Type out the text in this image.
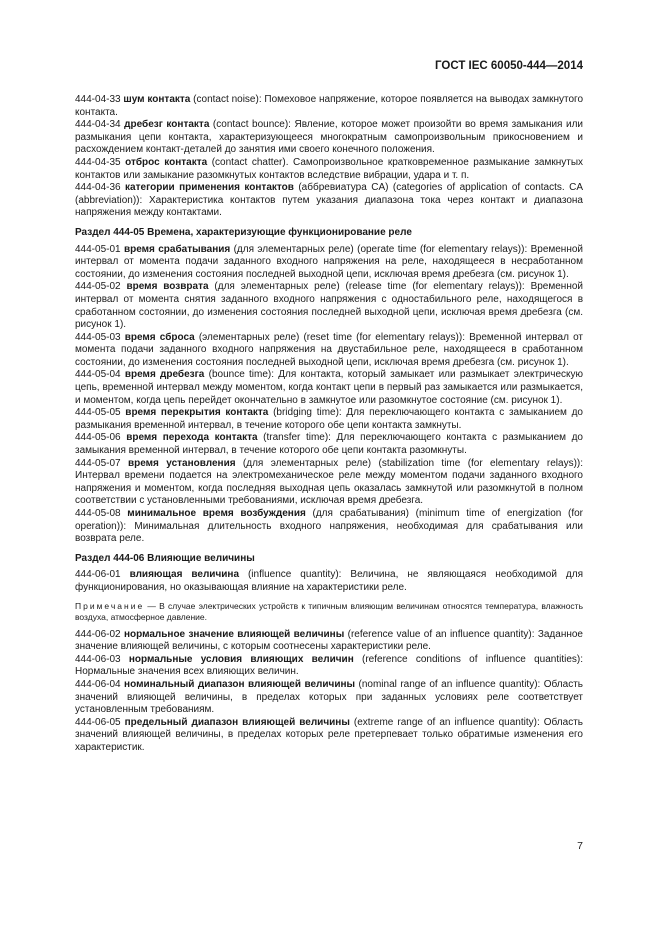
ГОСТ IEC 60050-444—2014

444-04-33 шум контакта (contact noise): Помеховое напряжение, которое появляется на выводах замкнутого контакта.

444-04-34 дребезг контакта (contact bounce): Явление, которое может произойти во время замыкания или размыкания цепи контакта, характеризующееся многократным самопроизвольным прикосновением и расхождением контакт-деталей до занятия ими своего конечного положения.

444-04-35 отброс контакта (contact chatter). Самопроизвольное кратковременное размыкание замкнутых контактов или замыкание разомкнутых контактов вследствие вибрации, удара и т. п.

444-04-36 категории применения контактов (аббревиатура CA) (categories of application of contacts. CA (abbreviation)): Характеристика контактов путем указания диапазона тока через контакт и диапазона напряжения между контактами.

Раздел 444-05 Времена, характеризующие функционирование реле

444-05-01 время срабатывания (для элементарных реле) (operate time (for elementary relays)): Временной интервал от момента подачи заданного входного напряжения на реле, находящееся в несработанном состоянии, до изменения состояния последней выходной цепи, исключая время дребезга (см. рисунок 1).

444-05-02 время возврата (для элементарных реле) (release time (for elementary relays)): Временной интервал от момента снятия заданного входного напряжения с одностабильного реле, находящегося в сработанном состоянии, до изменения состояния последней выходной цепи, исключая время дребезга (см. рисунок 1).

444-05-03 время сброса (элементарных реле) (reset time (for elementary relays)): Временной интервал от момента подачи заданного входного напряжения на двустабильное реле, находящееся в сработанном состоянии, до изменения состояния последней выходной цепи, исключая время дребезга (см. рисунок 1).

444-05-04 время дребезга (bounce time): Для контакта, который замыкает или размыкает электрическую цепь, временной интервал между моментом, когда контакт цепи в первый раз замыкается или размыкается, и моментом, когда цепь перейдет окончательно в замкнутое или разомкнутое состояние (см. рисунок 1).

444-05-05 время перекрытия контакта (bridging time): Для переключающего контакта с замыканием до размыкания временной интервал, в течение которого обе цепи контакта замкнуты.

444-05-06 время перехода контакта (transfer time): Для переключающего контакта с размыканием до замыкания временной интервал, в течение которого обе цепи контакта разомкнуты.

444-05-07 время установления (для элементарных реле) (stabilization time (for elementary relays)): Интервал времени подается на электромеханическое реле между моментом подачи заданного входного напряжения и моментом, когда последняя выходная цепь оказалась замкнутой или разомкнутой в полном соответствии с установленными требованиями, исключая время дребезга.

444-05-08 минимальное время возбуждения (для срабатывания) (minimum time of energization (for operation)): Минимальная длительность входного напряжения, необходимая для срабатывания или возврата реле.

Раздел 444-06 Влияющие величины

444-06-01 влияющая величина (influence quantity): Величина, не являющаяся необходимой для функционирования, но оказывающая влияние на характеристики реле.

Примечание — В случае электрических устройств к типичным влияющим величинам относятся температура, влажность воздуха, атмосферное давление.

444-06-02 нормальное значение влияющей величины (reference value of an influence quantity): Заданное значение влияющей величины, с которым соотнесены характеристики реле.

444-06-03 нормальные условия влияющих величин (reference conditions of influence quantities): Нормальные значения всех влияющих величин.

444-06-04 номинальный диапазон влияющей величины (nominal range of an influence quantity): Область значений влияющей величины, в пределах которых при заданных условиях реле соответствует установленным требованиям.

444-06-05 предельный диапазон влияющей величины (extreme range of an influence quantity): Область значений влияющей величины, в пределах которых реле претерпевает только обратимые изменения его характеристик.

7
